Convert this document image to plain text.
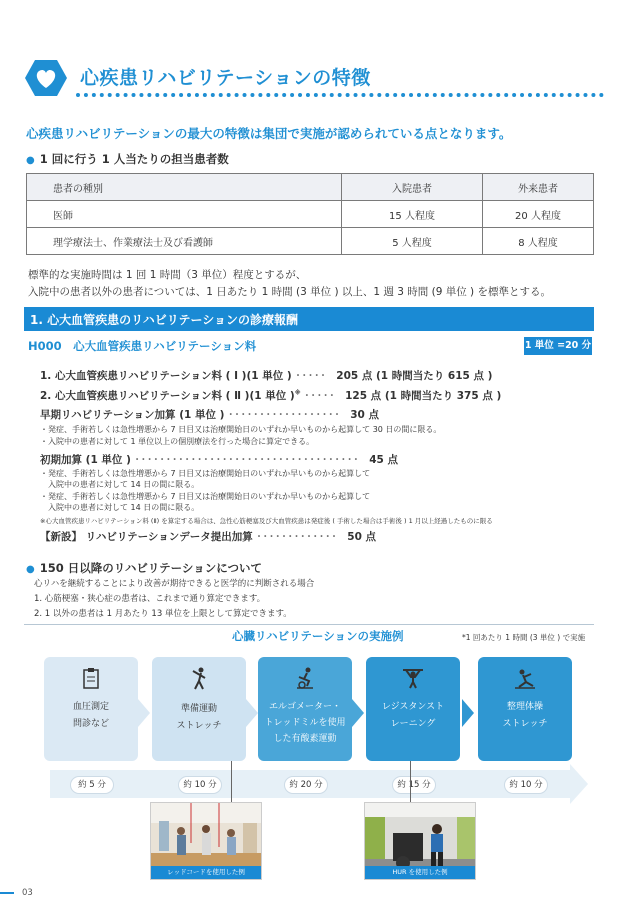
心疾患リハビリテーションの特徴
心疾患リハビリテーションの最大の特徴は集団で実施が認められている点となります。
● 1 回に行う 1 人当たりの担当患者数
患者の種別	入院患者	外来患者
医師	15 人程度	20 人程度
理学療法士、作業療法士及び看護師	5 人程度	8 人程度
標準的な実施時間は 1 回 1 時間（3 単位）程度とするが、
入院中の患者以外の患者については、1 日あたり 1 時間 (3 単位 ) 以上、1 週 3 時間 (9 単位 ) を標準とする。
1. 心大血管疾患のリハビリテーションの診療報酬
H000　心大血管疾患リハビリテーション料	1 単位 =20 分
1. 心大血管疾患リハビリテーション料 ( Ⅰ )(1 単位 ) ･････ 205 点 (1 時間当たり 615 点 )
2. 心大血管疾患リハビリテーション料 ( Ⅱ )(1 単位 )※ ･････ 125 点 (1 時間当たり 375 点 )
早期リハビリテーション加算 (1 単位 ) ･･････････････････ 30 点
・発症、手術若しくは急性増悪から 7 日目又は治療開始日のいずれか早いものから起算して 30 日の間に限る。
・入院中の患者に対して 1 単位以上の個別療法を行った場合に算定できる。
初期加算 (1 単位 ) ････････････････････････････････････ 45 点
・発症、手術若しくは急性増悪から 7 日目又は治療開始日のいずれか早いものから起算して
　入院中の患者に対して 14 日の間に限る。
・発症、手術若しくは急性増悪から 7 日目又は治療開始日のいずれか早いものから起算して
　入院中の患者に対して 14 日の間に限る。
※心大血管疾患リハビリテーション料 (Ⅱ) を算定する場合は、急性心筋梗塞及び大血管疾患は発症後 ( 手術した場合は手術後 ) 1 月以上経過したものに限る
【新設】 リハビリテーションデータ提出加算 ･････････････ 50 点
● 150 日以降のリハビリテーションについて
心リハを継続することにより改善が期待できると医学的に判断される場合
1. 心筋梗塞・狭心症の患者は、これまで通り算定できます。
2. 1 以外の患者は 1 月あたり 13 単位を上限として算定できます。
心臓リハビリテーションの実施例	*1 回あたり 1 時間 (3 単位 ) で実施
血圧測定
問診など
準備運動
ストレッチ
エルゴメーター・
トレッドミルを使用
した有酸素運動
レジスタンスト
レーニング
整理体操
ストレッチ
約 5 分	約 10 分	約 20 分	約 15 分	約 10 分
レッドコードを使用した例	HUR を使用した例
03
